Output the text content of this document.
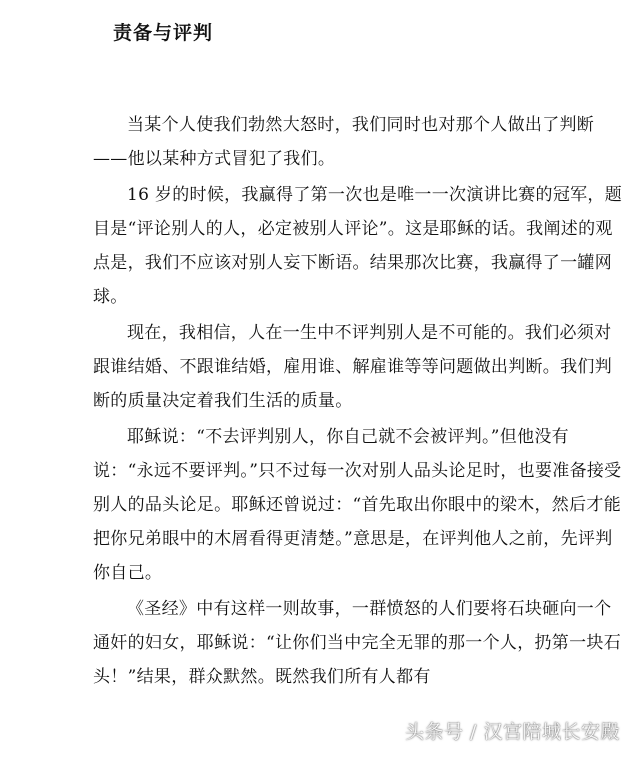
责备与评判

当某个人使我们勃然大怒时，我们同时也对那个人做出了判断——他以某种方式冒犯了我们。

16 岁的时候，我赢得了第一次也是唯一一次演讲比赛的冠军，题目是“评论别人的人，必定被别人评论”。这是耶稣的话。我阐述的观点是，我们不应该对别人妄下断语。结果那次比赛，我赢得了一罐网球。

现在，我相信，人在一生中不评判别人是不可能的。我们必须对跟谁结婚、不跟谁结婚，雇用谁、解雇谁等等问题做出判断。我们判断的质量决定着我们生活的质量。

耶稣说：“不去评判别人，你自己就不会被评判。”但他没有说：“永远不要评判。”只不过每一次对别人品头论足时，也要准备接受别人的品头论足。耶稣还曾说过：“首先取出你眼中的梁木，然后才能把你兄弟眼中的木屑看得更清楚。”意思是，在评判他人之前，先评判你自己。

《圣经》中有这样一则故事，一群愤怒的人们要将石块砸向一个通奸的妇女，耶稣说：“让你们当中完全无罪的那一个人，扔第一块石头！”结果，群众默然。既然我们所有人都有

头条号 / 汉宫陪城长安殿
